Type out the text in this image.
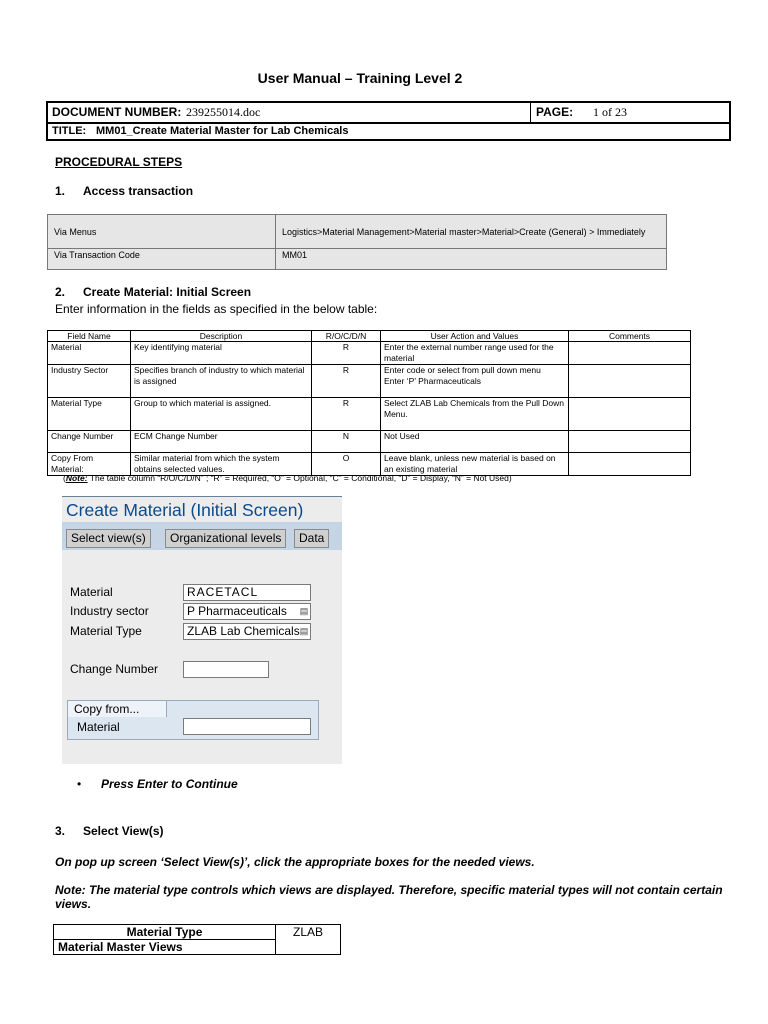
User Manual – Training Level 2
DOCUMENT NUMBER: 239255014.doc	PAGE: 1 of 23
TITLE: MM01_Create Material Master for Lab Chemicals
PROCEDURAL STEPS
1. Access transaction
Via Menus	Logistics>Material Management>Material master>Material>Create (General) > Immediately
Via Transaction Code	MM01
2. Create Material: Initial Screen
Enter information in the fields as specified in the below table:
Field Name	Description	R/O/C/D/N	User Action and Values	Comments
Material	Key identifying material	R	Enter the external number range used for the material	
Industry Sector	Specifies branch of industry to which material is assigned	R	Enter code or select from pull down menu
Enter ‘P’ Pharmaceuticals	
Material Type	Group to which material is assigned.	R	Select ZLAB Lab Chemicals from the Pull Down Menu.	
Change Number	ECM Change Number	N	Not Used	
Copy From Material:	Similar material from which the system obtains selected values.	O	Leave blank, unless new material is based on an existing material	
(Note: The table column “R/O/C/D/N” ; “R” = Required, “O” = Optional, “C” = Conditional, “D” = Display, “N” = Not Used)
Create Material (Initial Screen)
Select view(s)	Organizational levels	Data
Material	RACETACL
Industry sector	P Pharmaceuticals ▤
Material Type	ZLAB Lab Chemicals ▤
Change Number
Copy from...
Material
• Press Enter to Continue
3. Select View(s)
On pop up screen ‘Select View(s)’, click the appropriate boxes for the needed views.
Note: The material type controls which views are displayed. Therefore, specific material types will not contain certain views.
Material Type	ZLAB
Material Master Views
